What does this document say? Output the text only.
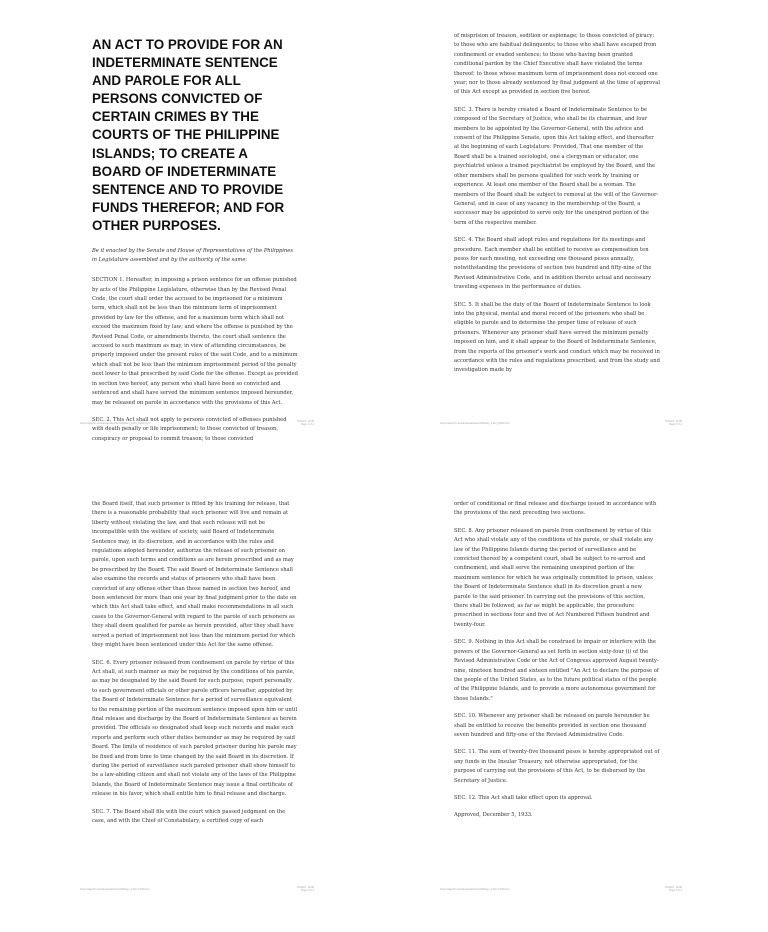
AN ACT TO PROVIDE FOR AN INDETERMINATE SENTENCE AND PAROLE FOR ALL PERSONS CONVICTED OF CERTAIN CRIMES BY THE COURTS OF THE PHILIPPINE ISLANDS; TO CREATE A BOARD OF INDETERMINATE SENTENCE AND TO PROVIDE FUNDS THEREFOR; AND FOR OTHER PURPOSES.

Be it enacted by the Senate and House of Representatives of the Philippines in Legislature assembled and by the authority of the same:

SECTION 1. Hereafter, in imposing a prison sentence for an offense punished by acts of the Philippine Legislature, otherwise than by the Revised Penal Code, the court shall order the accused to be imprisoned for a minimum term, which shall not be less than the minimum term of imprisonment provided by law for the offense, and for a maximum term which shall not exceed the maximum fixed by law; and where the offense is punished by the Revised Penal Code, or amendments thereto, the court shall sentence the accused to such maximum as may, in view of attending circumstances, be properly imposed under the present rules of the said Code, and to a minimum which shall not be less than the minimum imprisonment period of the penalty next lower to that prescribed by said Code for the offense. Except as provided in section two hereof, any person who shall have been so convicted and sentenced and shall have served the minimum sentence imposed hereunder, may be released on parole in accordance with the provisions of this Act.

SEC. 2. This Act shall not apply to persons convicted of offenses punished with death penalty or life imprisonment; to those convicted of treason, conspiracy or proposal to commit treason; to those convicted

https://lawphil.net/statutes/acts/act1933/act_4103_1933.html
8/14/24, 10:38
Page 1 of 4

of misprision of treason, sedition or espionage; to those convicted of piracy; to those who are habitual delinquents; to those who shall have escaped from confinement or evaded sentence; to those who having been granted conditional pardon by the Chief Executive shall have violated the terms thereof; to those whose maximum term of imprisonment does not exceed one year; nor to those already sentenced by final judgment at the time of approval of this Act except as provided in section five hereof.

SEC. 3. There is hereby created a Board of Indeterminate Sentence to be composed of the Secretary of Justice, who shall be its chairman, and four members to be appointed by the Governor-General, with the advice and consent of the Philippine Senate, upon this Act taking effect, and thereafter at the beginning of each Legislature: Provided, That one member of the Board shall be a trained sociologist, one a clergyman or educator, one psychiatrist unless a trained psychiatrist be employed by the Board, and the other members shall be persons qualified for such work by training or experience. At least one member of the Board shall be a woman. The members of the Board shall be subject to removal at the will of the Governor-General, and in case of any vacancy in the membership of the Board, a successor may be appointed to serve only for the unexpired portion of the term of the respective member.

SEC. 4. The Board shall adopt rules and regulations for its meetings and procedure. Each member shall be entitled to receive as compensation ten pesos for each meeting, not exceeding one thousand pesos annually, notwithstanding the provisions of section two hundred and fifty-nine of the Revised Administrative Code, and in addition thereto actual and necessary traveling expenses in the performance of duties.

SEC. 5. It shall be the duty of the Board of Indeterminate Sentence to look into the physical, mental and moral record of the prisoners who shall be eligible to parole and to determine the proper time of release of such prisoners. Whenever any prisoner shall have served the minimum penalty imposed on him, and it shall appear to the Board of Indeterminate Sentence, from the reports of the prisoner's work and conduct which may be received in accordance with the rules and regulations prescribed, and from the study and investigation made by

https://lawphil.net/statutes/acts/act1933/act_4103_1933.html
8/14/24, 10:38
Page 2 of 4

the Board itself, that such prisoner is fitted by his training for release, that there is a reasonable probability that such prisoner will live and remain at liberty without violating the law, and that such release will not be incompatible with the welfare of society, said Board of Indeterminate Sentence may, in its discretion, and in accordance with the rules and regulations adopted hereunder, authorize the release of such prisoner on parole, upon such terms and conditions as are herein prescribed and as may be prescribed by the Board. The said Board of Indeterminate Sentence shall also examine the records and status of prisoners who shall have been convicted of any offense other than those named in section two hereof, and been sentenced for more than one year by final judgment prior to the date on which this Act shall take effect, and shall make recommendations in all such cases to the Governor-General with regard to the parole of such prisoners as they shall deem qualified for parole as herein provided, after they shall have served a period of imprisonment not less than the minimum period for which they might have been sentenced under this Act for the same offense.

SEC. 6. Every prisoner released from confinement on parole by virtue of this Act shall, at such manner as may be required by the conditions of his parole, as may be designated by the said Board for such purpose, report personally to such government officials or other parole officers hereafter, appointed by the Board of Indeterminate Sentence for a period of surveillance equivalent to the remaining portion of the maximum sentence imposed upon him or until final release and discharge by the Board of Indeterminate Sentence as herein provided. The officials so designated shall keep such records and make such reports and perform such other duties hereunder as may be required by said Board. The limits of residence of such paroled prisoner during his parole may be fixed and from time to time changed by the said Board in its discretion. If during the period of surveillance such paroled prisoner shall show himself to be a law-abiding citizen and shall not violate any of the laws of the Philippine Islands, the Board of Indeterminate Sentence may issue a final certificate of release in his favor, which shall entitle him to final release and discharge.

SEC. 7. The Board shall file with the court which passed judgment on the case, and with the Chief of Constabulary, a certified copy of each

https://lawphil.net/statutes/acts/act1933/act_4103_1933.html
8/14/24, 10:38
Page 3 of 4

order of conditional or final release and discharge issued in accordance with the provisions of the next preceding two sections.

SEC. 8. Any prisoner released on parole from confinement by virtue of this Act who shall violate any of the conditions of his parole, or shall violate any law of the Philippine Islands during the period of surveillance and be convicted thereof by a competent court, shall be subject to re-arrest and confinement, and shall serve the remaining unexpired portion of the maximum sentence for which he was originally committed to prison, unless the Board of Indeterminate Sentence shall in its discretion grant a new parole to the said prisoner. In carrying out the provisions of this section, there shall be followed, as far as might be applicable, the procedure prescribed in sections four and five of Act Numbered Fifteen hundred and twenty-four.

SEC. 9. Nothing in this Act shall be construed to impair or interfere with the powers of the Governor-General as set forth in section sixty-four (i) of the Revised Administrative Code or the Act of Congress approved August twenty-nine, nineteen hundred and sixteen entitled "An Act to declare the purpose of the people of the United States, as to the future political status of the people of the Philippine Islands, and to provide a more autonomous government for those Islands."

SEC. 10. Whenever any prisoner shall be released on parole hereunder he shall be entitled to receive the benefits provided in section one thousand seven hundred and fifty-one of the Revised Administrative Code.

SEC. 11. The sum of twenty-five thousand pesos is hereby appropriated out of any funds in the Insular Treasury, not otherwise appropriated, for the purpose of carrying out the provisions of this Act, to be disbursed by the Secretary of Justice.

SEC. 12. This Act shall take effect upon its approval.

Approved, December 5, 1933.

https://lawphil.net/statutes/acts/act1933/act_4103_1933.html
8/14/24, 10:38
Page 4 of 4
